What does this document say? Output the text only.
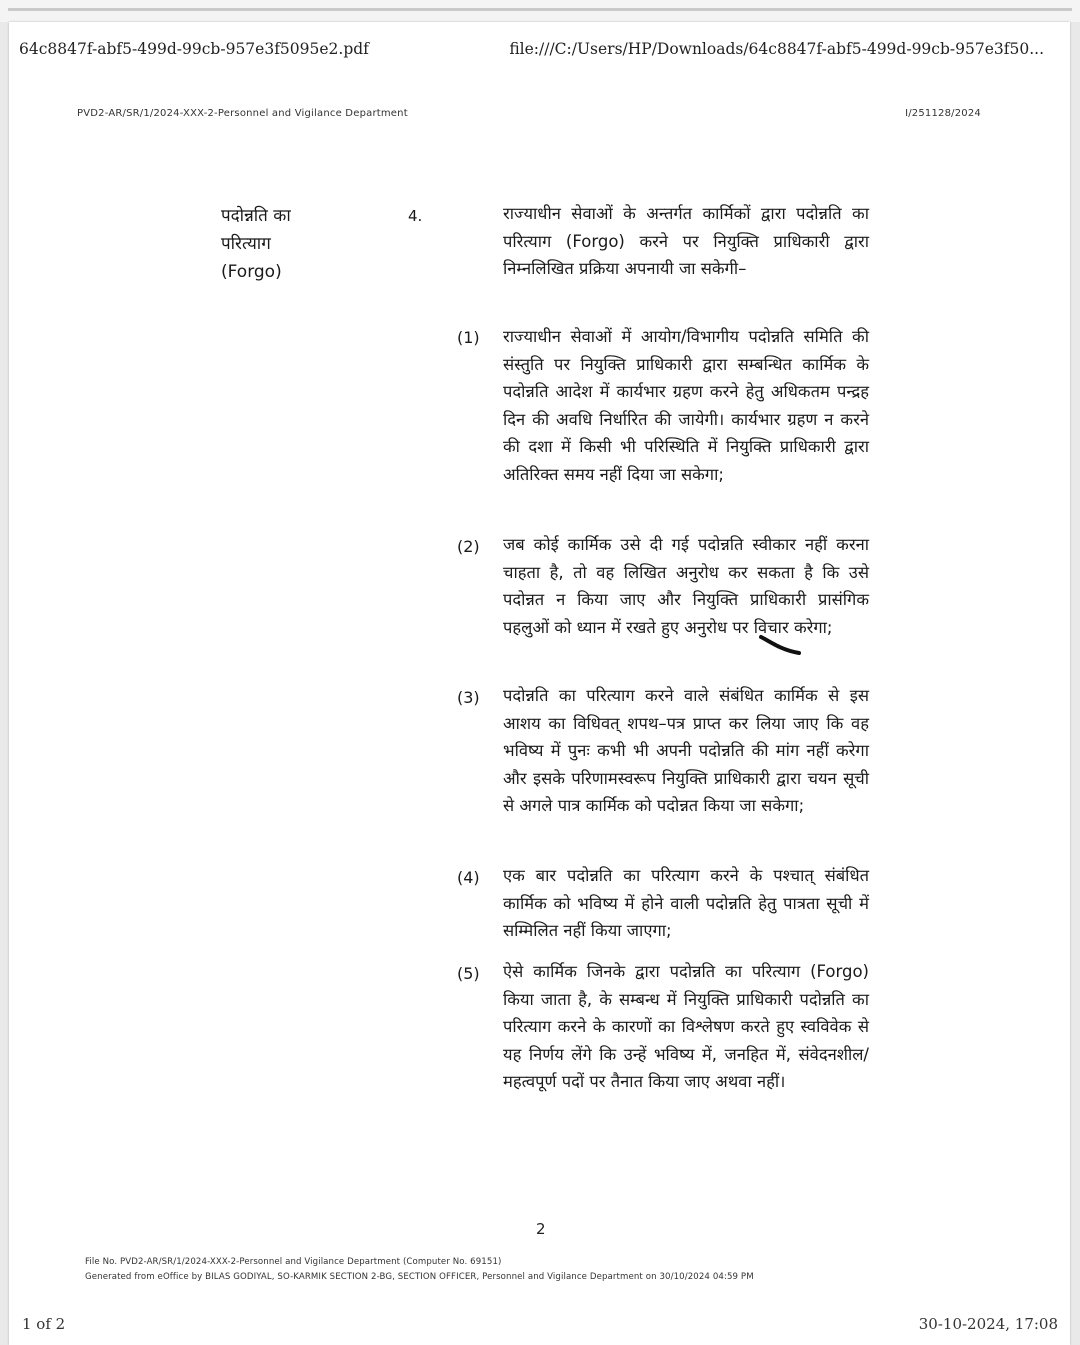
64c8847f-abf5-499d-99cb-957e3f5095e2.pdf	file:///C:/Users/HP/Downloads/64c8847f-abf5-499d-99cb-957e3f50...
PVD2-AR/SR/1/2024-XXX-2-Personnel and Vigilance Department	I/251128/2024
पदोन्नति का
परित्याग
(Forgo)
4.	राज्याधीन सेवाओं के अन्तर्गत कार्मिकों द्वारा पदोन्नति का परित्याग (Forgo) करने पर नियुक्ति प्राधिकारी द्वारा निम्नलिखित प्रक्रिया अपनायी जा सकेगी–
(1) राज्याधीन सेवाओं में आयोग/विभागीय पदोन्नति समिति की संस्तुति पर नियुक्ति प्राधिकारी द्वारा सम्बन्धित कार्मिक के पदोन्नति आदेश में कार्यभार ग्रहण करने हेतु अधिकतम पन्द्रह दिन की अवधि निर्धारित की जायेगी। कार्यभार ग्रहण न करने की दशा में किसी भी परिस्थिति में नियुक्ति प्राधिकारी द्वारा अतिरिक्त समय नहीं दिया जा सकेगा;
(2) जब कोई कार्मिक उसे दी गई पदोन्नति स्वीकार नहीं करना चाहता है, तो वह लिखित अनुरोध कर सकता है कि उसे पदोन्नत न किया जाए और नियुक्ति प्राधिकारी प्रासंगिक पहलुओं को ध्यान में रखते हुए अनुरोध पर विचार करेगा;
(3) पदोन्नति का परित्याग करने वाले संबंधित कार्मिक से इस आशय का विधिवत् शपथ–पत्र प्राप्त कर लिया जाए कि वह भविष्य में पुनः कभी भी अपनी पदोन्नति की मांग नहीं करेगा और इसके परिणामस्वरूप नियुक्ति प्राधिकारी द्वारा चयन सूची से अगले पात्र कार्मिक को पदोन्नत किया जा सकेगा;
(4) एक बार पदोन्नति का परित्याग करने के पश्चात् संबंधित कार्मिक को भविष्य में होने वाली पदोन्नति हेतु पात्रता सूची में सम्मिलित नहीं किया जाएगा;
(5) ऐसे कार्मिक जिनके द्वारा पदोन्नति का परित्याग (Forgo) किया जाता है, के सम्बन्ध में नियुक्ति प्राधिकारी पदोन्नति का परित्याग करने के कारणों का विश्लेषण करते हुए स्वविवेक से यह निर्णय लेंगे कि उन्हें भविष्य में, जनहित में, संवेदनशील/महत्वपूर्ण पदों पर तैनात किया जाए अथवा नहीं।
2
File No. PVD2-AR/SR/1/2024-XXX-2-Personnel and Vigilance Department (Computer No. 69151)
Generated from eOffice by BILAS GODIYAL, SO-KARMIK SECTION 2-BG, SECTION OFFICER, Personnel and Vigilance Department on 30/10/2024 04:59 PM
1 of 2	30-10-2024, 17:08
